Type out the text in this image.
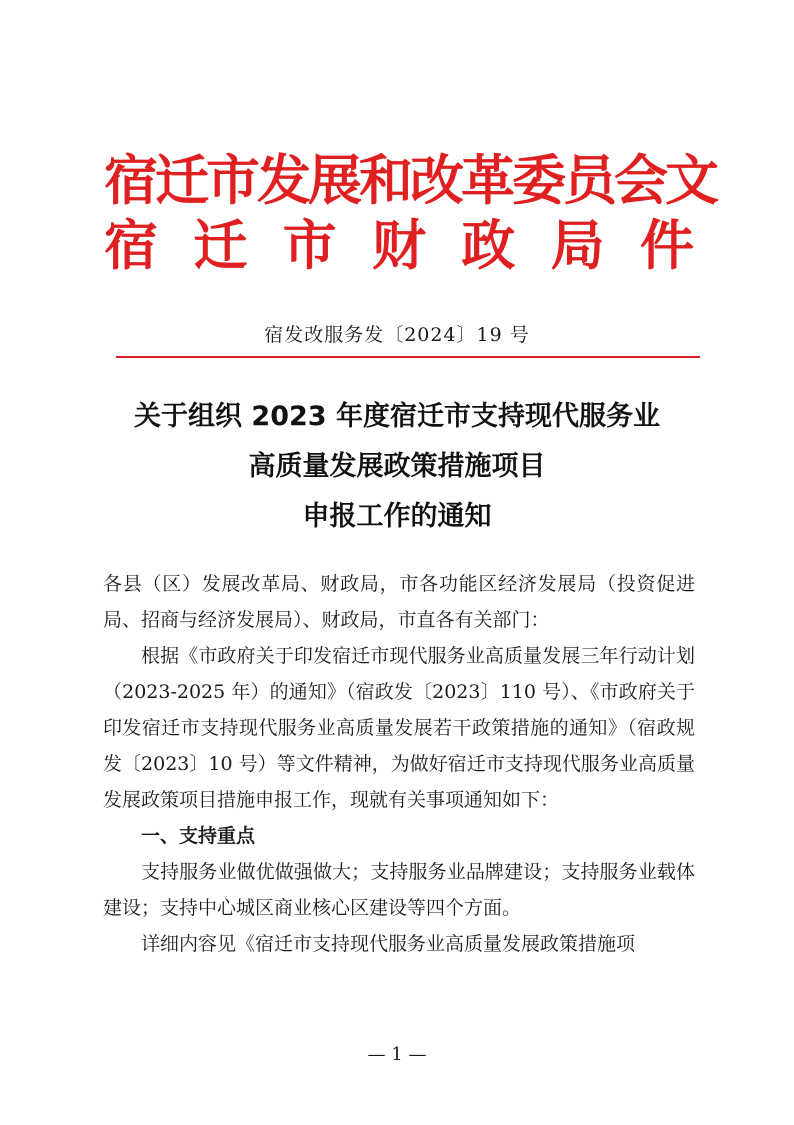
宿迁市发展和改革委员会 文
宿 迁 市 财 政 局 件
宿发改服务发〔2024〕19 号
关于组织 2023 年度宿迁市支持现代服务业
高质量发展政策措施项目
申报工作的通知

各县（区）发展改革局、财政局，市各功能区经济发展局（投资促进局、招商与经济发展局）、财政局，市直各有关部门：

根据《市政府关于印发宿迁市现代服务业高质量发展三年行动计划（2023-2025 年）的通知》（宿政发〔2023〕110 号）、《市政府关于印发宿迁市支持现代服务业高质量发展若干政策措施的通知》（宿政规发〔2023〕10 号）等文件精神，为做好宿迁市支持现代服务业高质量发展政策项目措施申报工作，现就有关事项通知如下：

一、支持重点

支持服务业做优做强做大；支持服务业品牌建设；支持服务业载体建设；支持中心城区商业核心区建设等四个方面。

详细内容见《宿迁市支持现代服务业高质量发展政策措施项

— 1 —
